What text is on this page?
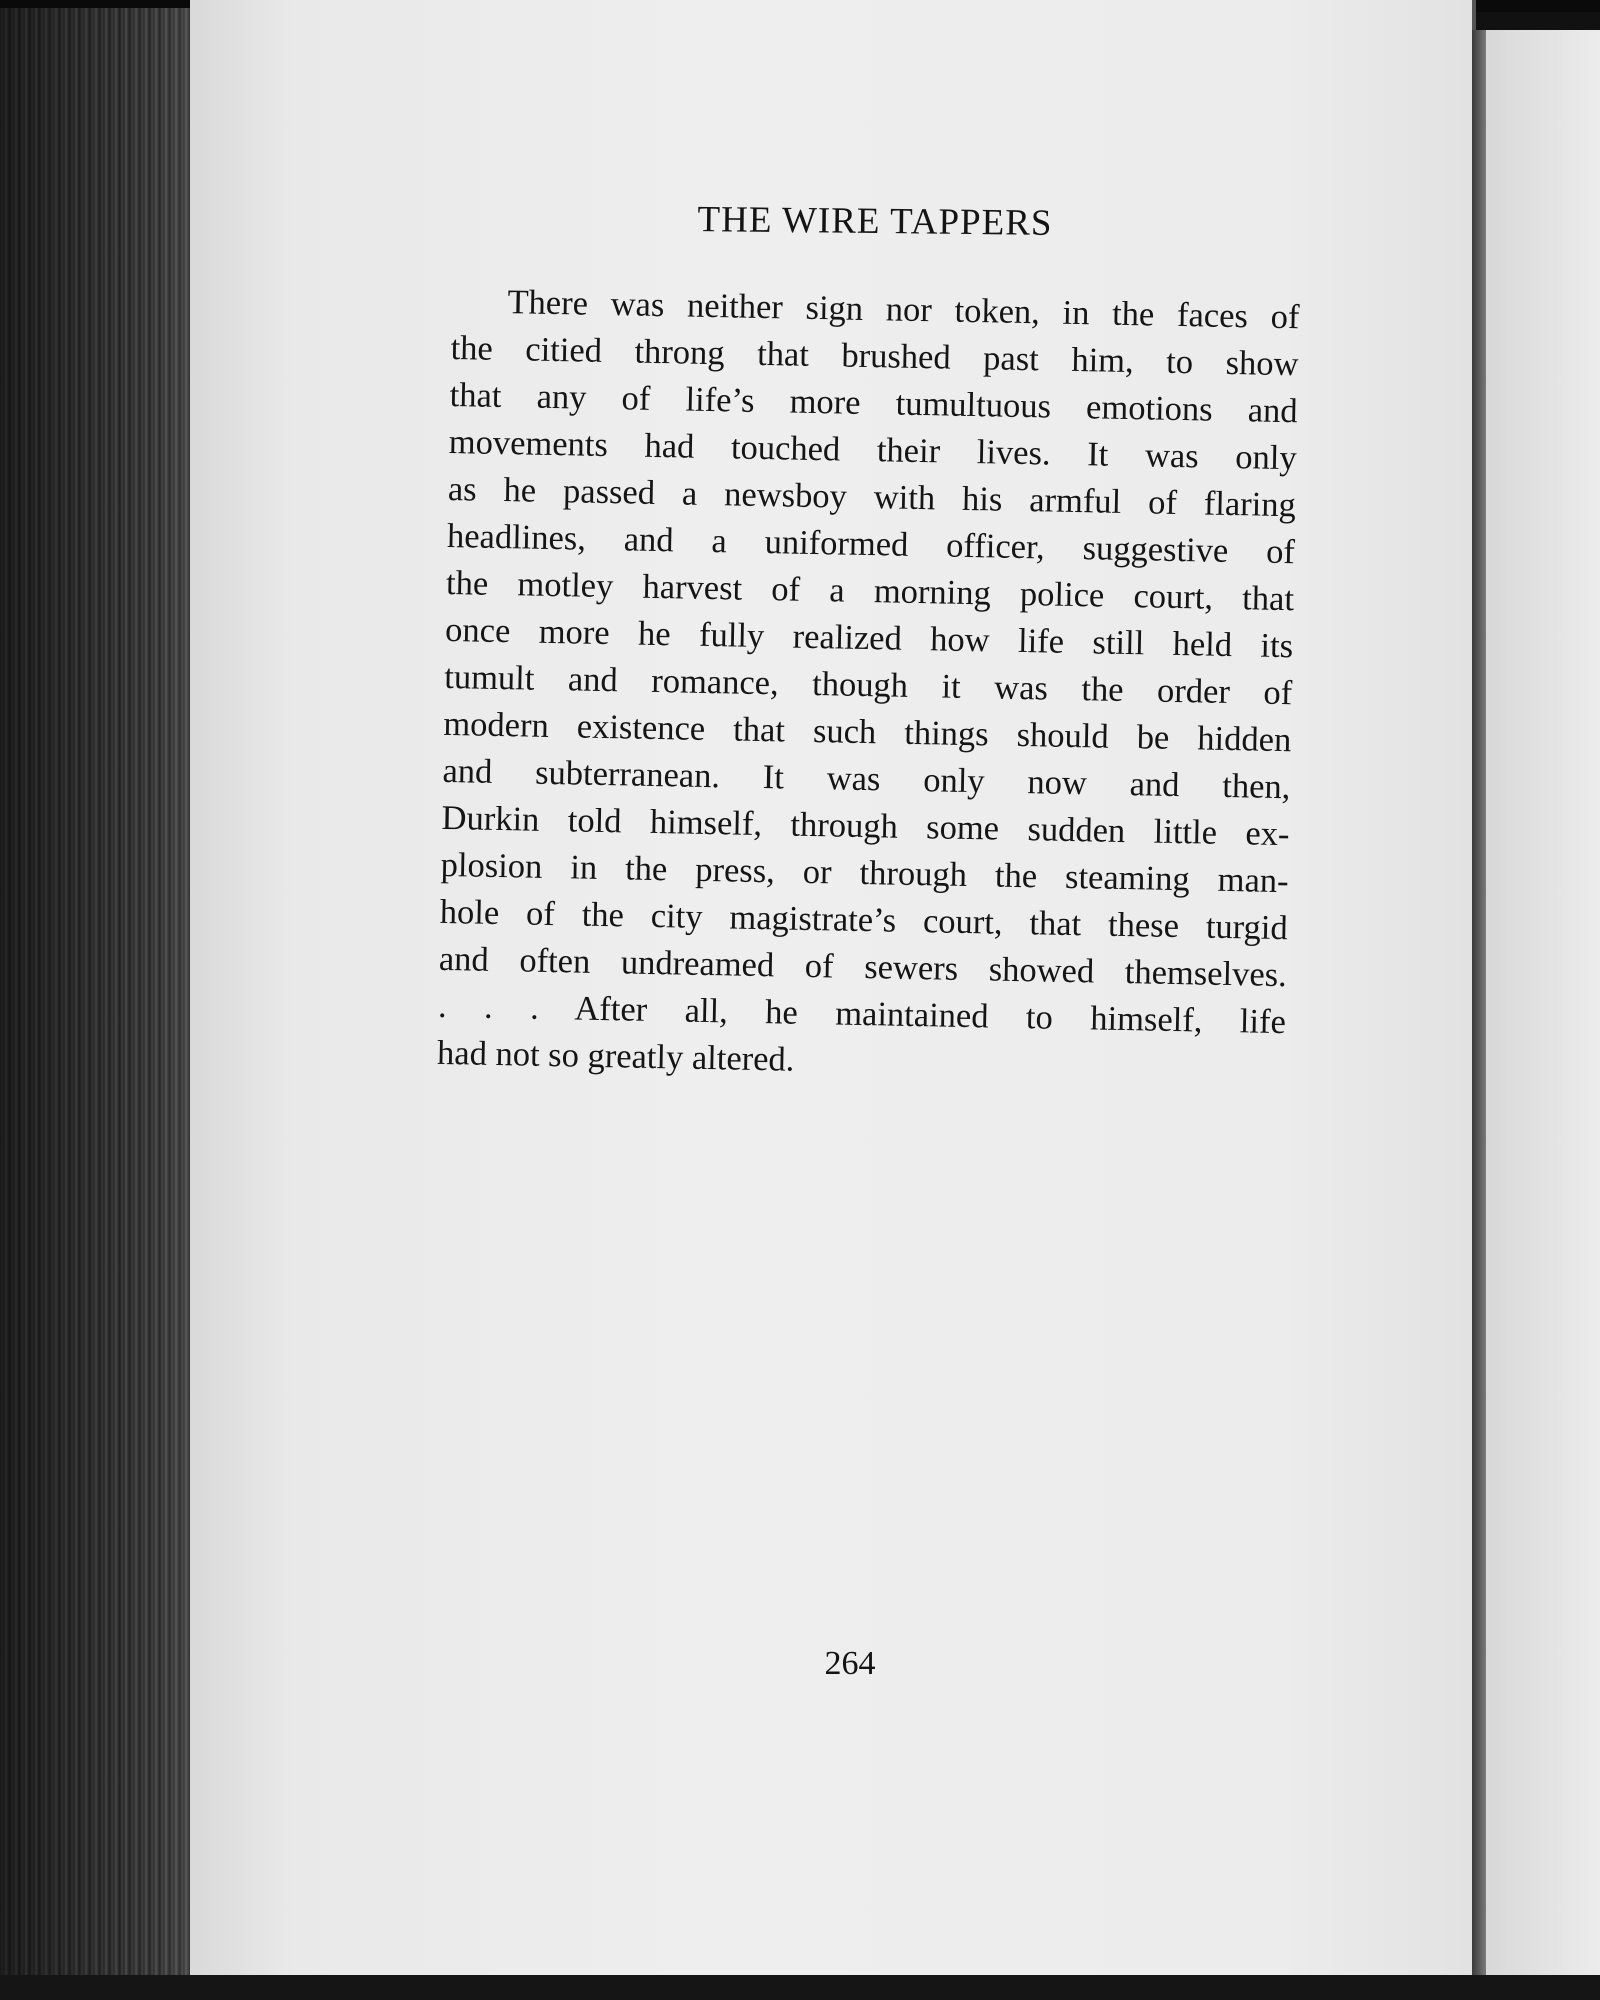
THE WIRE TAPPERS
There was neither sign nor token, in the faces of
the citied throng that brushed past him, to show
that any of life’s more tumultuous emotions and
movements had touched their lives. It was only
as he passed a newsboy with his armful of flaring
headlines, and a uniformed officer, suggestive of
the motley harvest of a morning police court, that
once more he fully realized how life still held its
tumult and romance, though it was the order of
modern existence that such things should be hidden
and subterranean. It was only now and then,
Durkin told himself, through some sudden little ex-
plosion in the press, or through the steaming man-
hole of the city magistrate’s court, that these turgid
and often undreamed of sewers showed themselves.
. . . After all, he maintained to himself, life
had not so greatly altered.
264
